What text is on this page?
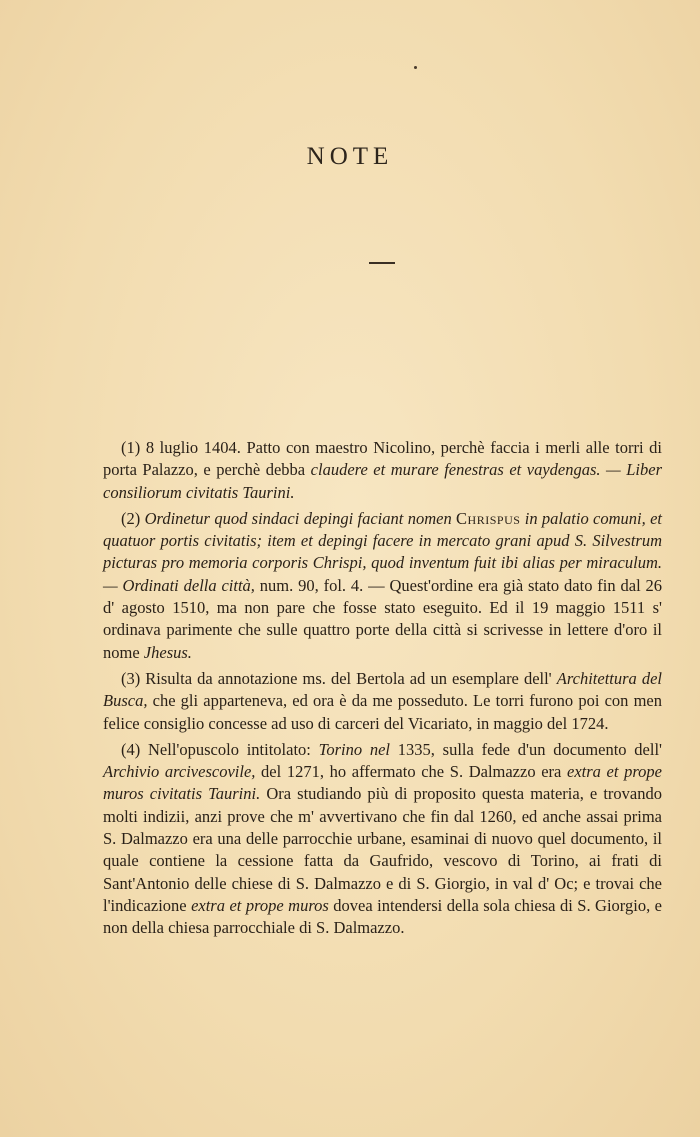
NOTE

(1) 8 luglio 1404. Patto con maestro Nicolino, perchè faccia i merli alle torri di porta Palazzo, e perchè debba claudere et murare fenestras et vaydengas. — Liber consiliorum civitatis Taurini.

(2) Ordinetur quod sindaci depingi faciant nomen Chrispus in palatio comuni, et quatuor portis civitatis; item et depingi facere in mercato grani apud S. Silvestrum picturas pro memoria corporis Chrispi, quod inventum fuit ibi alias per miraculum. — Ordinati della città, num. 90, fol. 4. — Quest'ordine era già stato dato fin dal 26 d' agosto 1510, ma non pare che fosse stato eseguito. Ed il 19 maggio 1511 s' ordinava parimente che sulle quattro porte della città si scrivesse in lettere d'oro il nome Jhesus.

(3) Risulta da annotazione ms. del Bertola ad un esemplare dell' Architettura del Busca, che gli apparteneva, ed ora è da me posseduto. Le torri furono poi con men felice consiglio concesse ad uso di carceri del Vicariato, in maggio del 1724.

(4) Nell'opuscolo intitolato: Torino nel 1335, sulla fede d'un documento dell' Archivio arcivescovile, del 1271, ho affermato che S. Dalmazzo era extra et prope muros civitatis Taurini. Ora studiando più di proposito questa materia, e trovando molti indizii, anzi prove che m' avvertivano che fin dal 1260, ed anche assai prima S. Dalmazzo era una delle parrocchie urbane, esaminai di nuovo quel documento, il quale contiene la cessione fatta da Gaufrido, vescovo di Torino, ai frati di Sant'Antonio delle chiese di S. Dalmazzo e di S. Giorgio, in val d' Oc; e trovai che l'indicazione extra et prope muros dovea intendersi della sola chiesa di S. Giorgio, e non della chiesa parrocchiale di S. Dalmazzo.
